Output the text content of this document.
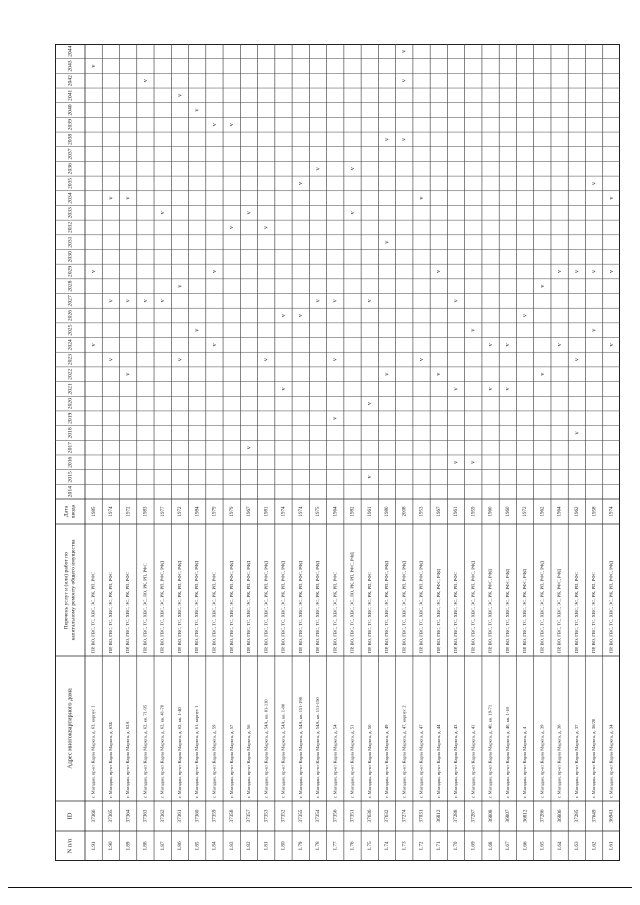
N п/п
ID
Адрес многоквартирного дома
Перечень услуг и (или) работ по капитальному ремонту общего имущества
Датаввода
2014
2015
2016
2017
2018
2019
2020
2021
2022
2023
2024
2025
2026
2027
2028
2029
2030
2031
2032
2033
2034
2035
2036
2037
2038
2039
2040
2041
2042
2043
2044
1.61
36941
г. Магадан, пр-кт Карла Маркса, д. 34
ПР, ВО, ГВС, ТС, ХВС, ЭС, РК, РП, РФС, РФД
1974
v
v
v
1.62
37649
г. Магадан, пр-кт Карла Маркса, д. 36/20
ПР, ВО, ГВС, ТС, ХВС, ЭС, РК, РП, РФС
1958
v
v
v
1.63
37285
г. Магадан, пр-кт Карла Маркса, д. 37
ПР, ВО, ГВС, ТС, ХВС, ЭС, РК, РП, РФС
1962
v
v
v
1.64
36806
г. Магадан, пр-кт Карла Маркса, д. 38
ПР, ВО, ГВС, ТС, ХВС, ЭС, РК, РФС, РФД
1964
v
v
1.65
37286
г. Магадан, пр-кт Карла Маркса, д. 39
ПР, ВО, ГВС, ТС, ХВС, ЭС, РК, РП, РФС, РФД
1962
v
v
1.66
36812
г. Магадан, пр-кт Карла Маркса, д. 4
ПР, ВО, ГВС, ТС, ХВС, ЭС, РК, РФС, РФД
1972
v
1.67
36807
г. Магадан, пр-кт Карла Маркса, д. 40, кв. 1-18
ПР, ВО, ГВС, ТС, ХВС, ЭС, РК, РФС, РФД
1960
v
v
1.68
36808
г. Магадан, пр-кт Карла Маркса, д. 40, кв. 19-71
ПР, ВО, ГВС, ТС, ХВС, ЭС, РК, РФС, РФД
1960
v
v
1.69
37287
г. Магадан, пр-кт Карла Маркса, д. 41
ПР, ВО, ГВС, ТС, ХВС, ЭС, РК, РП, РФС, РФД
1959
v
v
1.70
37288
г. Магадан, пр-кт Карла Маркса, д. 43
ПР, ВО, ГВС, ТС, ХВС, ЭС, РК, РП, РФС
1961
v
v
v
1.71
36812
г. Магадан, пр-кт Карла Маркса, д. 44
ПР, ВО, ГВС, ТС, ХВС, ЭС, РК, РФС, РФД
1967
v
v
1.72
37031
г. Магадан, пр-кт Карла Маркса, д. 47
ПР, ВО, ГВС, ТС, ХВС, ЭС, РК, РП, РФС, РФД
1953
v
v
1.73
37274
г. Магадан, пр-кт Карла Маркса, д. 47, корпус 2
ПР, ВО, ГВС, ТС, ХВС, ЭС, РК, РП, РФС, РФД
2008
v
v
v
1.74
37632
г. Магадан, пр-кт Карла Маркса, д. 49
ПР, ВО, ГВС, ТС, ХВС, ЭС, РК, РП, РФС, РФД
1980
v
v
v
1.75
37636
г. Магадан, пр-кт Карла Маркса, д. 50
ПР, ВО, ГВС, ТС, ХВС, ЭС, РК, РП, РФС
1961
v
v
v
1.76
37351
г. Магадан, пр-кт Карла Маркса, д. 51
ПР, ВО, ГВС, ТС, ХВС, ЭС, ЛО, РК, РП, РФС, РФД
1982
v
v
1.77
37356
г. Магадан, пр-кт Карла Маркса, д. 54
ПР, ВО, ГВС, ТС, ХВС, ЭС, РК, РП, РФС
1964
v
v
v
1.78
37354
г. Магадан, пр-кт Карла Маркса, д. 54А, кв. 111-150
ПР, ВО, ГВС, ТС, ХВС, ЭС, РК, РП, РФС, РФД
1975
v
v
1.79
37355
г. Магадан, пр-кт Карла Маркса, д. 54А, кв. 151-190
ПР, ВО, ГВС, ТС, ХВС, ЭС, РК, РП, РФС, РФД
1974
v
v
1.80
37352
г. Магадан, пр-кт Карла Маркса, д. 54А, кв. 1-80
ПР, ВО, ГВС, ТС, ХВС, ЭС, РК, РП, РФС, РФД
1974
v
v
1.81
37353
г. Магадан, пр-кт Карла Маркса, д. 54А, кв. 81-110
ПР, ВО, ГВС, ТС, ХВС, ЭС, РК, РП, РФС, РФД
1981
v
v
1.82
37357
г. Магадан, пр-кт Карла Маркса, д. 56
ПР, ВО, ГВС, ТС, ХВС, ЭС, РК, РП, РФС, РФД
1967
v
v
1.83
37358
г. Магадан, пр-кт Карла Маркса, д. 57
ПР, ВО, ГВС, ТС, ХВС, ЭС, РК, РП, РФС, РФД
1979
v
v
1.84
37359
г. Магадан, пр-кт Карла Маркса, д. 59
ПР, ВО, ГВС, ТС, ХВС, ЭС, РК, РП, РФС
1979
v
v
v
1.85
37360
г. Магадан, пр-кт Карла Маркса, д. 61, корпус 1
ПР, ВО, ГВС, ТС, ХВС, ЭС, РК, РП, РФС, РФД
1984
v
v
1.86
37361
г. Магадан, пр-кт Карла Маркса, д. 62, кв. 1-40
ПР, ВО, ГВС, ТС, ХВС, ЭС, РК, РП, РФС, РФД
1972
v
v
v
1.87
37362
г. Магадан, пр-кт Карла Маркса, д. 62, кв. 41-70
ПР, ВО, ГВС, ТС, ХВС, ЭС, РК, РП, РФС, РФД
1977
v
v
1.88
37363
г. Магадан, пр-кт Карла Маркса, д. 62, кв. 71-95
ПР, ВО, ГВС, ТС, ХВС, ЭС, ЛО, РК, РП, РФС
1983
v
v
1.89
37364
г. Магадан, пр-кт Карла Маркса, д. 62А
ПР, ВО, ГВС, ТС, ХВС, ЭС, РК, РП, РФС
1972
v
v
v
1.90
37365
г. Магадан, пр-кт Карла Маркса, д. 63Б
ПР, ВО, ГВС, ТС, ХВС, ЭС, РК, РП, РФС
1974
v
v
v
1.91
37366
г. Магадан, пр-кт Карла Маркса, д. 63, корпус 1
ПР, ВО, ГВС, ТС, ХВС, ЭС, РК, РП, РФС
1985
v
v
v
